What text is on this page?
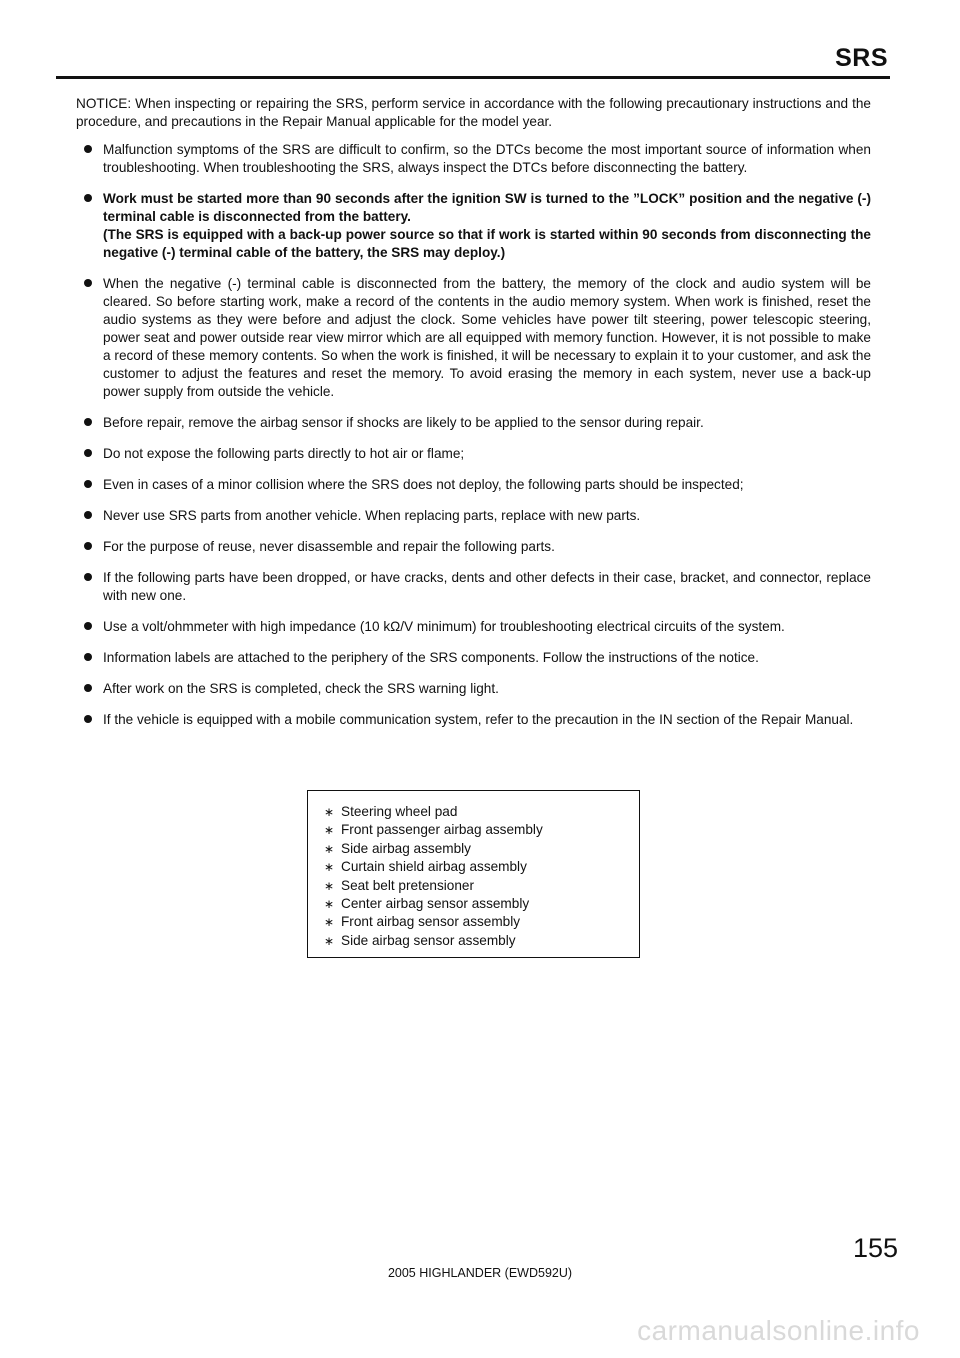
SRS

NOTICE: When inspecting or repairing the SRS, perform service in accordance with the following precautionary instructions and the procedure, and precautions in the Repair Manual applicable for the model year.

Malfunction symptoms of the SRS are difficult to confirm, so the DTCs become the most important source of information when troubleshooting. When troubleshooting the SRS, always inspect the DTCs before disconnecting the battery.
Work must be started more than 90 seconds after the ignition SW is turned to the ”LOCK” position and the negative (-) terminal cable is disconnected from the battery.
(The SRS is equipped with a back-up power source so that if work is started within 90 seconds from disconnecting the negative (-) terminal cable of the battery, the SRS may deploy.)
When the negative (-) terminal cable is disconnected from the battery, the memory of the clock and audio system will be cleared. So before starting work, make a record of the contents in the audio memory system. When work is finished, reset the audio systems as they were before and adjust the clock. Some vehicles have power tilt steering, power telescopic steering, power seat and power outside rear view mirror which are all equipped with memory function. However, it is not possible to make a record of these memory contents. So when the work is finished, it will be necessary to explain it to your customer, and ask the customer to adjust the features and reset the memory. To avoid erasing the memory in each system, never use a back-up power supply from outside the vehicle.
Before repair, remove the airbag sensor if shocks are likely to be applied to the sensor during repair.
Do not expose the following parts directly to hot air or flame;
Even in cases of a minor collision where the SRS does not deploy, the following parts should be inspected;
Never use SRS parts from another vehicle. When replacing parts, replace with new parts.
For the purpose of reuse, never disassemble and repair the following parts.
If the following parts have been dropped, or have cracks, dents and other defects in their case, bracket, and connector, replace with new one.
Use a volt/ohmmeter with high impedance (10 kΩ/V minimum) for troubleshooting electrical circuits of the system.
Information labels are attached to the periphery of the SRS components. Follow the instructions of the notice.
After work on the SRS is completed, check the SRS warning light.
If the vehicle is equipped with a mobile communication system, refer to the precaution in the IN section of the Repair Manual.
∗ Steering wheel pad
∗ Front passenger airbag assembly
∗ Side airbag assembly
∗ Curtain shield airbag assembly
∗ Seat belt pretensioner
∗ Center airbag sensor assembly
∗ Front airbag sensor assembly
∗ Side airbag sensor assembly
155
2005 HIGHLANDER (EWD592U)
carmanualsonline.info
